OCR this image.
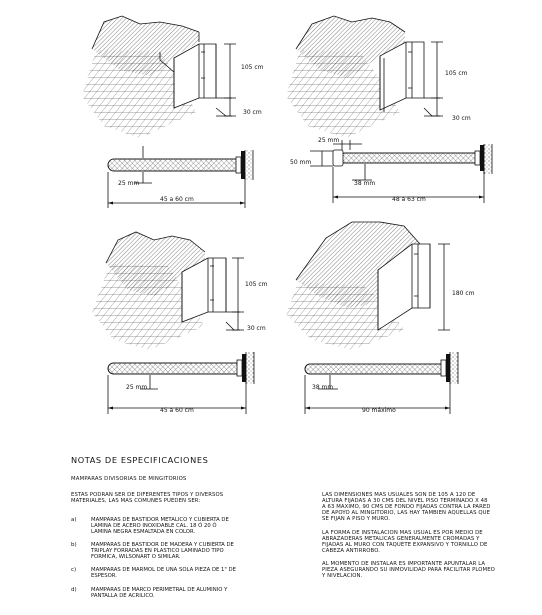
105 cm
30 cm
25 mm
45 a 60 cm
105 cm
30 cm
25 mm
50 mm
38 mm
48 a 63 cm
105 cm
30 cm
25 mm
45 a 60 cm
180 cm
38 mm
90 máximo
NOTAS DE ESPECIFICACIONES
MAMPARAS DIVISORIAS DE MINGITORIOS
ESTAS PODRAN SER DE DIFERENTES TIPOS Y DIVERSOS
MATERIALES, LAS MAS COMUNES PUEDEN SER:
a)	MAMPARAS DE BASTIDOR METALICO Y CUBIERTA DE
LAMINA DE ACERO INOXIDABLE CAL. 18 Ó 20 Ó
LAMINA NEGRA ESMALTADA EN COLOR.
b)	MAMPARAS DE BASTIDOR DE MADERA Y CUBIERTA DE
TRIPLAY FORRADAS EN PLASTICO LAMINADO TIPO
FORMICA, WILSONART O SIMILAR.
c)	MAMPARAS DE MARMOL DE UNA SOLA PIEZA DE 1" DE
ESPESOR.
d)	MAMPARAS DE MARCO PERIMETRAL DE ALUMINIO Y
PANTALLA DE ACRILICO.
LAS DIMENSIONES MAS USUALES SON DE 105 A 120 DE
ALTURA FIJADAS A 30 CMS DEL NIVEL PISO TERMINADO X 48
A 63 MAXIMO, 90 CMS DE FONDO FIJADAS CONTRA LA PARED
DE APOYO AL MINGITORIO, LAS HAY TAMBIEN AQUELLAS QUE
SE FIJAN A PISO Y MURO.
LA FORMA DE INSTALACION MAS USUAL ES POR MEDIO DE
ABRAZADERAS METALICAS GENERALMENTE CROMADAS Y
FIJADAS AL MURO CON TAQUETE EXPANSIVO Y TORNILLO DE
CABEZA ANTIRROBO.
AL MOMENTO DE INSTALAR ES IMPORTANTE APUNTALAR LA
PIEZA ASEGURANDO SU INMOVILIDAD PARA FACILITAR PLOMEO
Y NIVELACION.
